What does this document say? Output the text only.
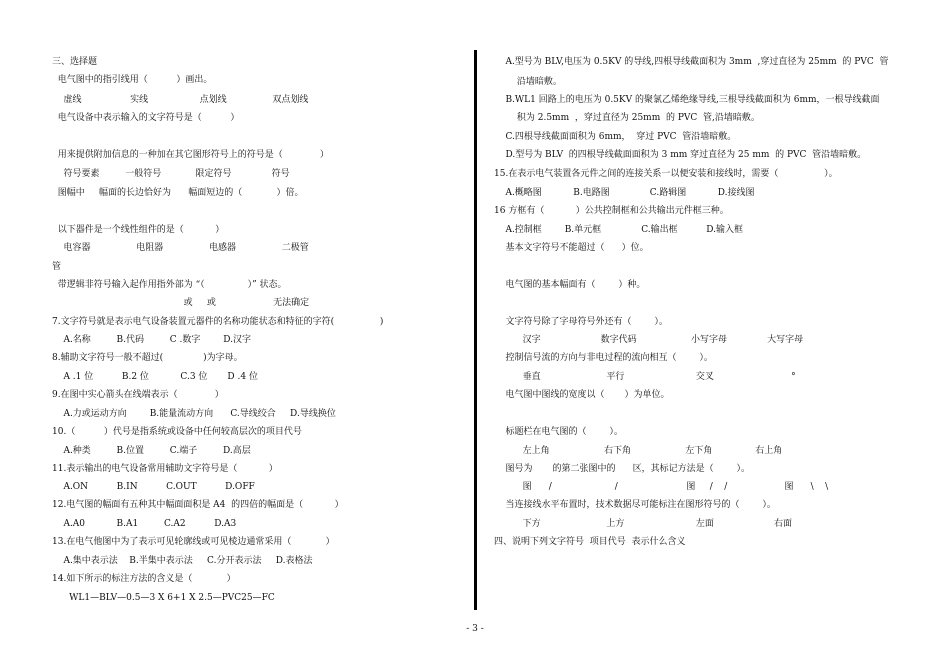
三、选择题
电气图中的指引线用（          ）画出。
虚线                 实线                  点划线                双点划线
电气设备中表示输入的文字符号是（          ）
用来提供附加信息的一种加在其它图形符号上的符号是（             ）
符号要素         一般符号            限定符号              符号
图幅中     幅面的长边恰好为      幅面短边的（            ）倍。
以下器件是一个线性组件的是（           ）
电容器                电阻器                电感器                二极管
管
带逻辑非符号输入起作用指外部为 “（               ）” 状态。
或     或                    无法确定
7.文字符号就是表示电气设备装置元器件的名称功能状态和特征的字符(                )
A.名称         B.代码         C .数字        D.汉字
8.辅助文字符号一般不超过(              )为字母。
A .1 位          B.2 位           C.3 位       D .4 位
9.在图中实心箭头在线端表示（             ）
A.力或运动方向        B.能量流动方向      C.导线绞合     D.导线换位
10.（          ）代号是指系统或设备中任何较高层次的项目代号
A.种类         B.位置         C.端子         D.高层
11.表示输出的电气设备常用辅助文字符号是（           ）
A.ON          B.IN          C.OUT          D.OFF
12.电气图的幅面有五种其中幅面面积是 A4  的四倍的幅面是（           ）
A.A0           B.A1         C.A2          D.A3
13.在电气他图中为了表示可见轮廓线或可见棱边通常采用（            ）
A.集中表示法    B.半集中表示法     C.分开表示法     D.表格法
14.如下所示的标注方法的含义是（            ）
WL1—BLV—0.5—3 X 6+1 X 2.5—PVC25—FC
A.型号为 BLV,电压为 0.5KV 的导线,四根导线截面积为 3mm  ,穿过直径为 25mm  的 PVC  管
沿墙暗敷。
B.WL1 回路上的电压为 0.5KV 的聚氯乙烯绝缘导线,三根导线截面积为 6mm，一根导线截面
积为 2.5mm  ，穿过直径为 25mm  的 PVC  管,沿墙暗敷。
C.四根导线截面面积为 6mm，  穿过 PVC  管沿墙暗敷。
D.型号为 BLV  的四根导线截面面积为 3 mm 穿过直径为 25 mm  的 PVC  管沿墙暗敷。
15.在表示电气装置各元件之间的连接关系一以便安装和接线时，需要（                ）。
A.概略图           B.电路图              C.路辑图           D.接线图
16 方框有（           ）公共控制框和公共输出元件框三种。
A.控制框        B.单元框              C.输出框          D.输入框
基本文字符号不能超过（      ）位。
电气图的基本幅面有（        ）种。
文字符号除了字母符号外还有（        ）。
汉字                     数字代码                   小写字母              大写字母
控制信号流的方向与非电过程的流向相互（        ）。
垂直                       平行                         交叉                           °
电气图中图线的宽度以（       ）为单位。
标题栏在电气图的（        ）。
左上角                   右下角                   左下角               右上角
图号为       的第二张图中的      区，其标记方法是（        ）。
图      /                      /                        图     /    /                    图      \    \
当连接线水平布置时，技术数据尽可能标注在图形符号的（        ）。
下方                       上方                         左面                     右面
四、说明下列文字符号  项目代号  表示什么含义
- 3 -
